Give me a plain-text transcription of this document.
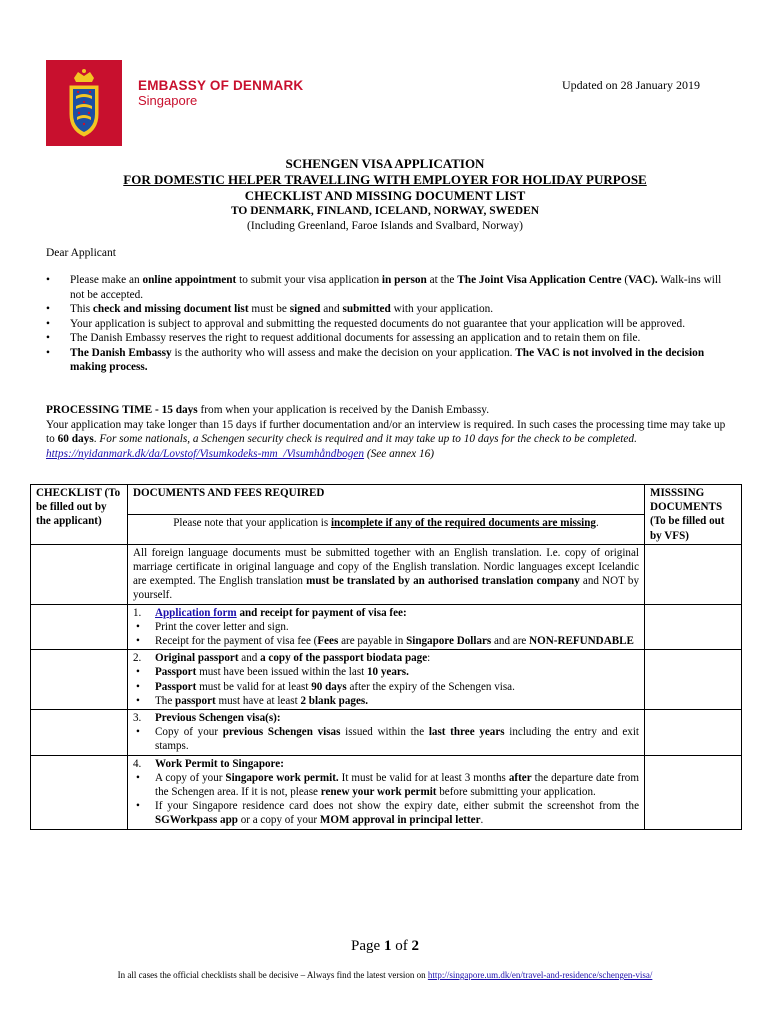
EMBASSY OF DENMARK
Singapore
Updated on 28 January 2019
SCHENGEN VISA APPLICATION
FOR DOMESTIC HELPER TRAVELLING WITH EMPLOYER FOR HOLIDAY PURPOSE
CHECKLIST AND MISSING DOCUMENT LIST
TO DENMARK, FINLAND, ICELAND, NORWAY, SWEDEN
(Including Greenland, Faroe Islands and Svalbard, Norway)
Dear Applicant
• Please make an online appointment to submit your visa application in person at the The Joint Visa Application Centre (VAC). Walk-ins will not be accepted.
• This check and missing document list must be signed and submitted with your application.
• Your application is subject to approval and submitting the requested documents do not guarantee that your application will be approved.
• The Danish Embassy reserves the right to request additional documents for assessing an application and to retain them on file.
• The Danish Embassy is the authority who will assess and make the decision on your application. The VAC is not involved in the decision making process.
PROCESSING TIME - 15 days from when your application is received by the Danish Embassy.
Your application may take longer than 15 days if further documentation and/or an interview is required. In such cases the processing time may take up to 60 days. For some nationals, a Schengen security check is required and it may take up to 10 days for the check to be completed. https://nyidanmark.dk/da/Lovstof/Visumkodeks-mm_/Visumhåndbogen (See annex 16)
CHECKLIST (To be filled out by the applicant)	DOCUMENTS AND FEES REQUIRED	MISSSING DOCUMENTS (To be filled out by VFS)
	Please note that your application is incomplete if any of the required documents are missing.	
	All foreign language documents must be submitted together with an English translation. I.e. copy of original marriage certificate in original language and copy of the English translation. Nordic languages except Icelandic are exempted. The English translation must be translated by an authorised translation company and NOT by yourself.	

	1. Application form and receipt for payment of visa fee:
• Print the cover letter and sign.
• Receipt for the payment of visa fee (Fees are payable in Singapore Dollars and are NON-REFUNDABLE

	2. Original passport and a copy of the passport biodata page:
• Passport must have been issued within the last 10 years.
• Passport must be valid for at least 90 days after the expiry of the Schengen visa.
• The passport must have at least 2 blank pages.

	3. Previous Schengen visa(s):
• Copy of your previous Schengen visas issued within the last three years including the entry and exit stamps.

	4. Work Permit to Singapore:
• A copy of your Singapore work permit. It must be valid for at least 3 months after the departure date from the Schengen area. If it is not, please renew your work permit before submitting your application.
• If your Singapore residence card does not show the expiry date, either submit the screenshot from the SGWorkpass app or a copy of your MOM approval in principal letter.

Page 1 of 2
In all cases the official checklists shall be decisive – Always find the latest version on http://singapore.um.dk/en/travel-and-residence/schengen-visa/
